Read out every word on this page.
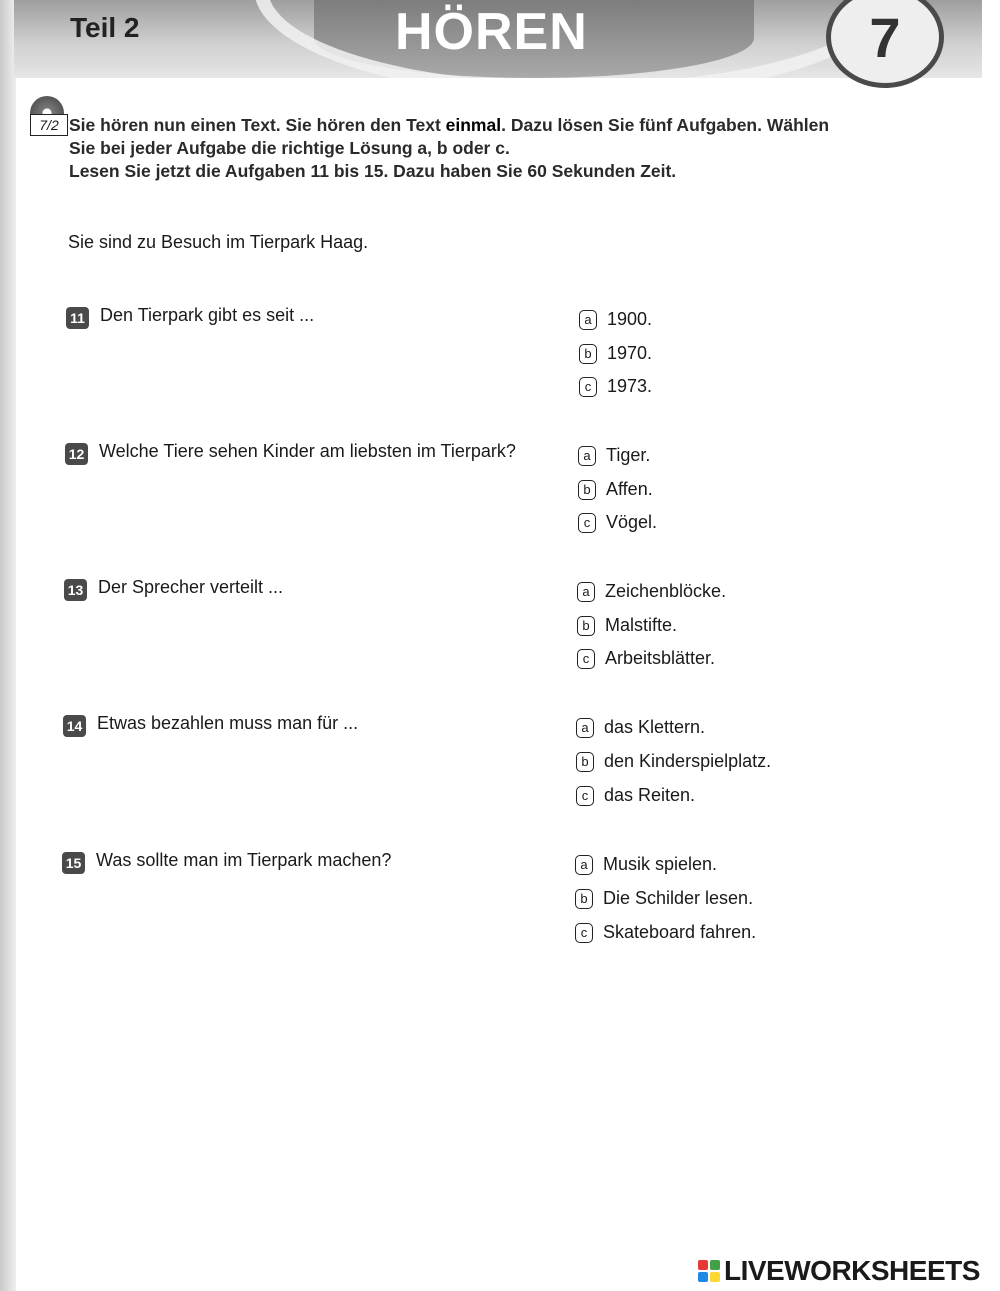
Teil 2	HÖREN	7
7/2 Sie hören nun einen Text. Sie hören den Text einmal. Dazu lösen Sie fünf Aufgaben. Wählen

Sie bei jeder Aufgabe die richtige Lösung a, b oder c.

Lesen Sie jetzt die Aufgaben 11 bis 15. Dazu haben Sie 60 Sekunden Zeit.

Sie sind zu Besuch im Tierpark Haag.
11 Den Tierpark gibt es seit ...	a 1900.
b 1970.
c 1973.
12 Welche Tiere sehen Kinder am liebsten im Tierpark?	a Tiger.
b Affen.
c Vögel.
13 Der Sprecher verteilt ...	a Zeichenblöcke.
b Malstifte.
c Arbeitsblätter.
14 Etwas bezahlen muss man für ...	a das Klettern.
b den Kinderspielplatz.
c das Reiten.
15 Was sollte man im Tierpark machen?	a Musik spielen.
b Die Schilder lesen.
c Skateboard fahren.
LIVEWORKSHEETS
